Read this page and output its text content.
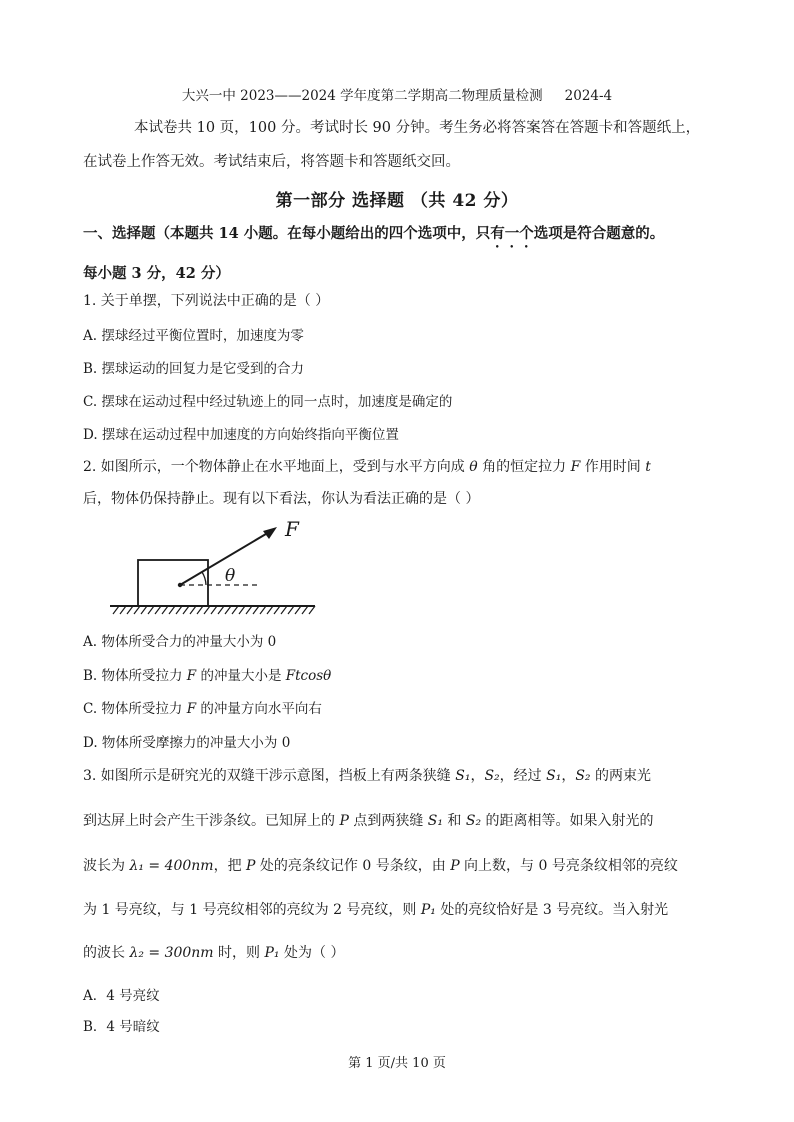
大兴一中 2023——2024 学年度第二学期高二物理质量检测 2024-4
本试卷共 10 页，100 分。考试时长 90 分钟。考生务必将答案答在答题卡和答题纸上，
在试卷上作答无效。考试结束后，将答题卡和答题纸交回。
第一部分 选择题 （共 42 分）
一、选择题（本题共 14 小题。在每小题给出的四个选项中，只有一个选项是符合题意的。
每小题 3 分，42 分）
1. 关于单摆，下列说法中正确的是（ ）
A. 摆球经过平衡位置时，加速度为零
B. 摆球运动的回复力是它受到的合力
C. 摆球在运动过程中经过轨迹上的同一点时，加速度是确定的
D. 摆球在运动过程中加速度的方向始终指向平衡位置
2. 如图所示，一个物体静止在水平地面上，受到与水平方向成 θ 角的恒定拉力 F 作用时间 t
后，物体仍保持静止。现有以下看法，你认为看法正确的是（ ）
F
θ
A. 物体所受合力的冲量大小为 0
B. 物体所受拉力 F 的冲量大小是 Ftcosθ
C. 物体所受拉力 F 的冲量方向水平向右
D. 物体所受摩擦力的冲量大小为 0
3. 如图所示是研究光的双缝干涉示意图，挡板上有两条狭缝 S₁，S₂，经过 S₁，S₂ 的两束光
到达屏上时会产生干涉条纹。已知屏上的 P 点到两狭缝 S₁ 和 S₂ 的距离相等。如果入射光的
波长为 λ₁ = 400nm，把 P 处的亮条纹记作 0 号条纹，由 P 向上数，与 0 号亮条纹相邻的亮纹
为 1 号亮纹，与 1 号亮纹相邻的亮纹为 2 号亮纹，则 P₁ 处的亮纹恰好是 3 号亮纹。当入射光
的波长 λ₂ = 300nm 时，则 P₁ 处为（ ）
A．4 号亮纹
B．4 号暗纹
第 1 页/共 10 页
